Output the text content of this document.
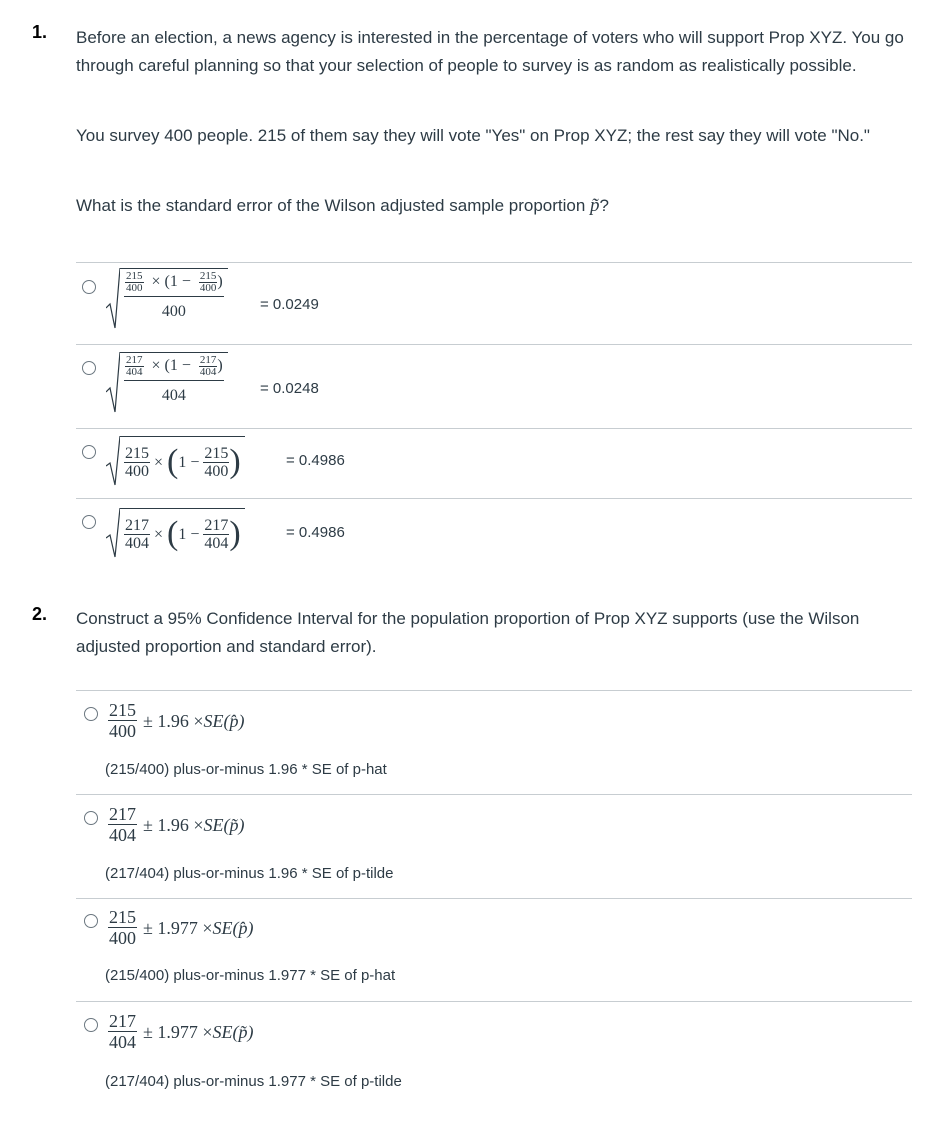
1. Before an election, a news agency is interested in the percentage of voters who will support Prop XYZ. You go through careful planning so that your selection of people to survey is as random as realistically possible.

You survey 400 people. 215 of them say they will vote "Yes" on Prop XYZ; the rest say they will vote "No."

What is the standard error of the Wilson adjusted sample proportion p̃?

$\frac{\frac{215}{400} \times (1 - \frac{215}{400} )}{400} = 0.0249$
$\frac{\frac{217}{404} \times (1 - \frac{217}{404} )}{404} = 0.0248$
$\frac{215}{400}$ × ( 1 −
$\frac{215}{400}$ )	= 0.4986
$\frac{217}{404}$ × ( 1 −
$\frac{217}{404}$ )	= 0.4986
2. Construct a 95% Confidence Interval for the population proportion of Prop XYZ supports (use the Wilson adjusted proportion and standard error).

$\frac{215}{400} \pm 1.96$ × SE (p̂)
(215/400) plus-or-minus 1.96 * SE of p-hat
$\frac{217}{404} \pm 1.96$ × SE (p̃)
(217/404) plus-or-minus 1.96 * SE of p-tilde
$\frac{215}{400} \pm 1.977$ × SE (p̂)
(215/400) plus-or-minus 1.977 * SE of p-hat
$\frac{217}{404} \pm 1.977$ × SE (p̃)
(217/404) plus-or-minus 1.977 * SE of p-tilde
